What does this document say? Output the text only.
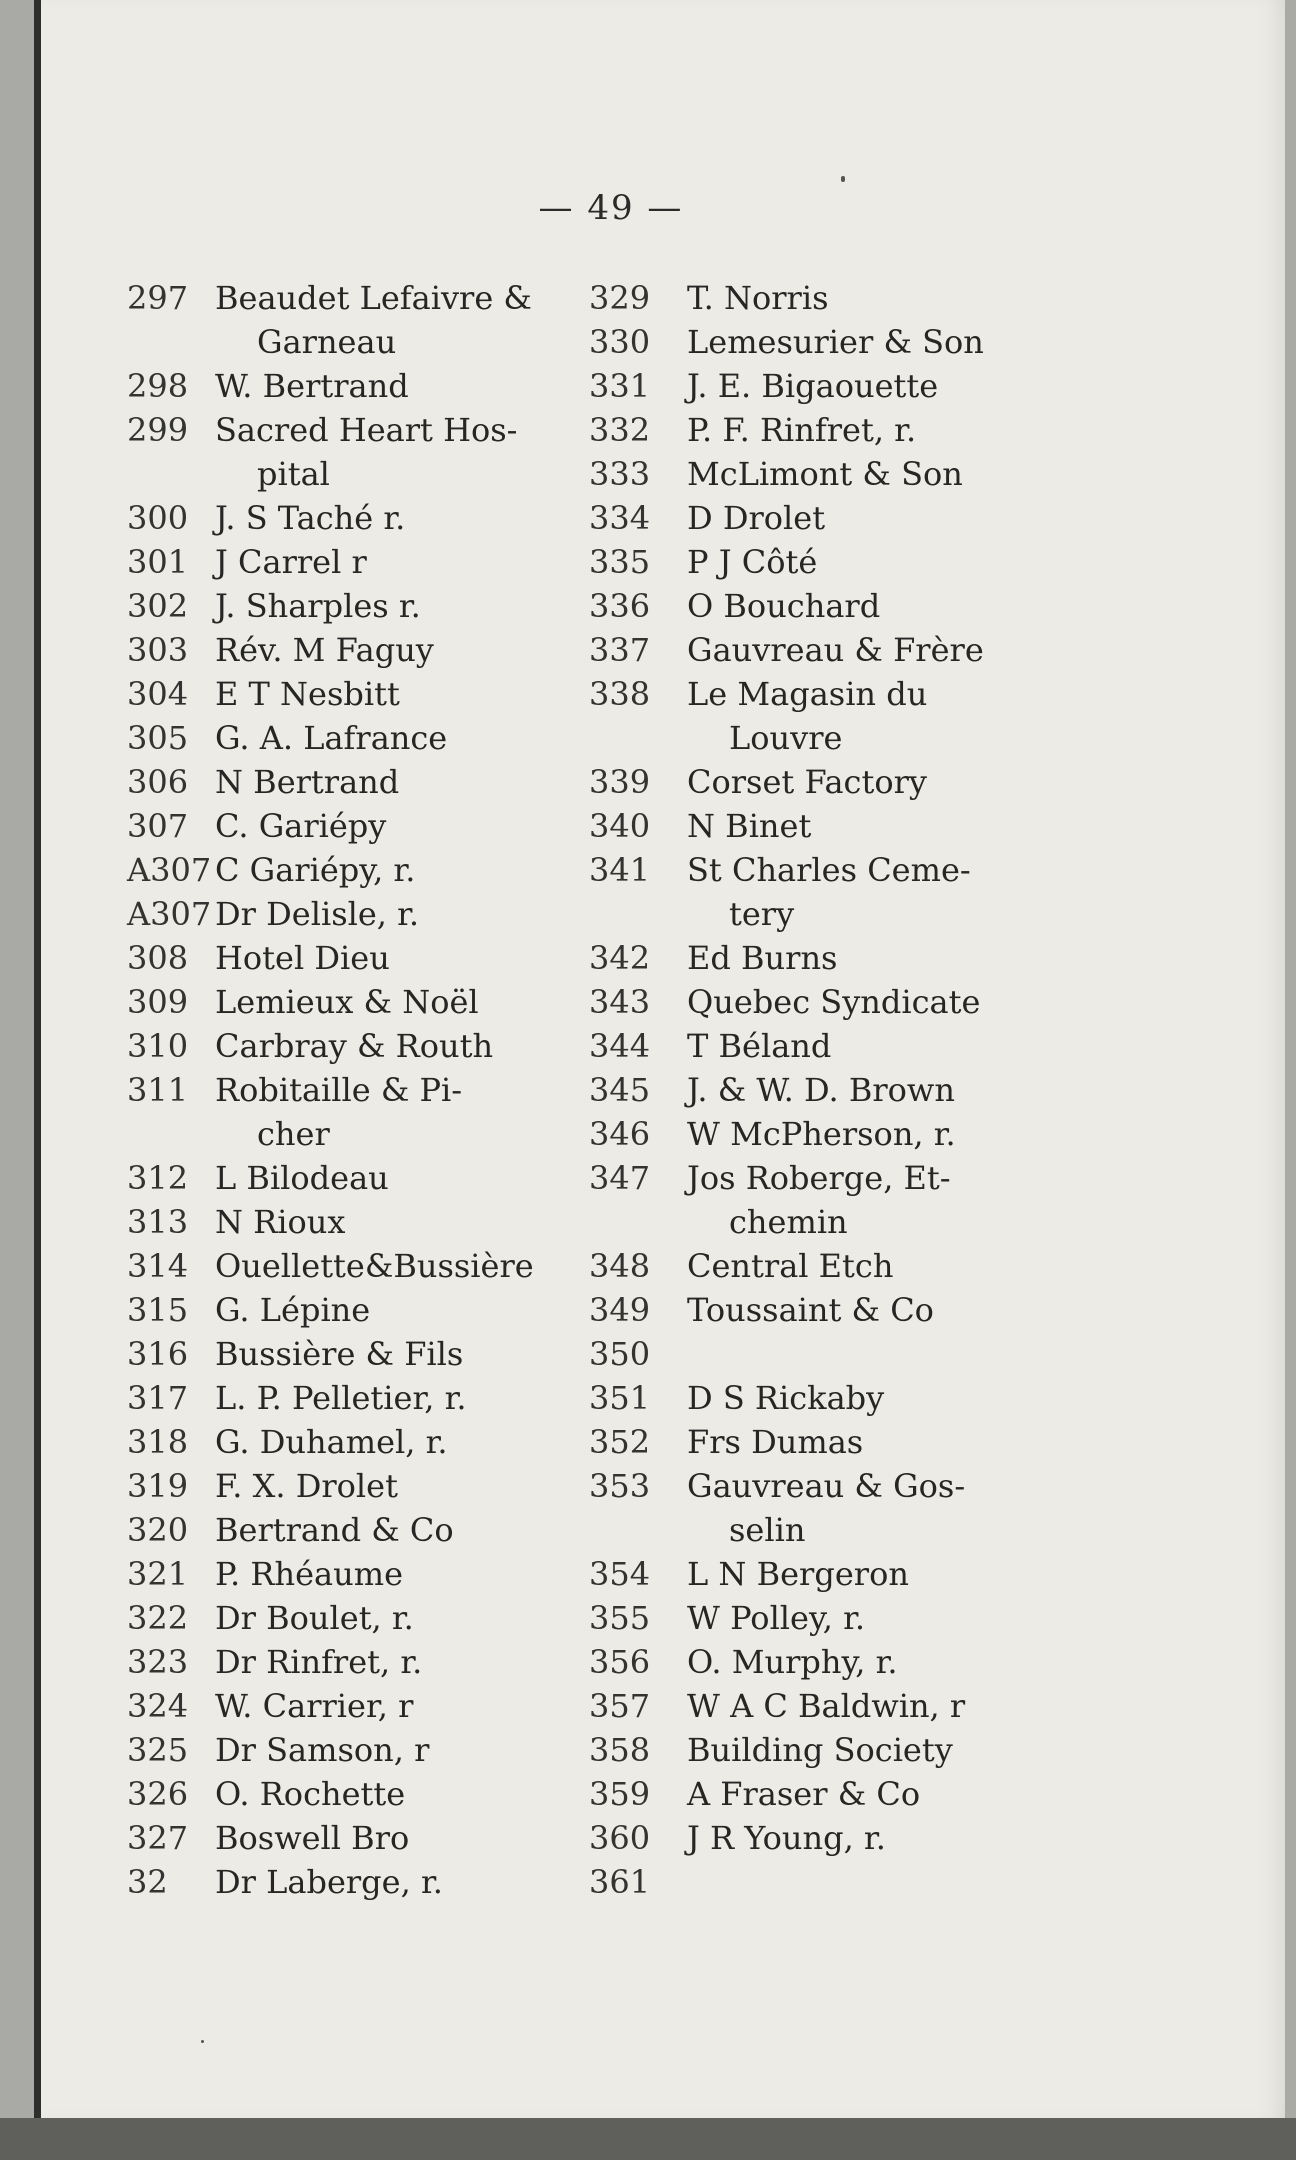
— 49 —
297 Beaudet Lefaivre &
Garneau
298 W. Bertrand
299 Sacred Heart Hos-
pital
300 J. S Taché r.
301 J Carrel r
302 J. Sharples r.
303 Rév. M Faguy
304 E T Nesbitt
305 G. A. Lafrance
306 N Bertrand
307 C. Gariépy
A307 C Gariépy, r.
A307 Dr Delisle, r.
308 Hotel Dieu
309 Lemieux & Noël
310 Carbray & Routh
311 Robitaille & Pi-
cher
312 L Bilodeau
313 N Rioux
314 Ouellette&Bussière
315 G. Lépine
316 Bussière & Fils
317 L. P. Pelletier, r.
318 G. Duhamel, r.
319 F. X. Drolet
320 Bertrand & Co
321 P. Rhéaume
322 Dr Boulet, r.
323 Dr Rinfret, r.
324 W. Carrier, r
325 Dr Samson, r
326 O. Rochette
327 Boswell Bro
32 Dr Laberge, r.
329 T. Norris
330 Lemesurier & Son
331 J. E. Bigaouette
332 P. F. Rinfret, r.
333 McLimont & Son
334 D Drolet
335 P J Côté
336 O Bouchard
337 Gauvreau & Frère
338 Le Magasin du
Louvre
339 Corset Factory
340 N Binet
341 St Charles Ceme-
tery
342 Ed Burns
343 Quebec Syndicate
344 T Béland
345 J. & W. D. Brown
346 W McPherson, r.
347 Jos Roberge, Et-
chemin
348 Central Etch
349 Toussaint & Co
350
351 D S Rickaby
352 Frs Dumas
353 Gauvreau & Gos-
selin
354 L N Bergeron
355 W Polley, r.
356 O. Murphy, r.
357 W A C Baldwin, r
358 Building Society
359 A Fraser & Co
360 J R Young, r.
361
